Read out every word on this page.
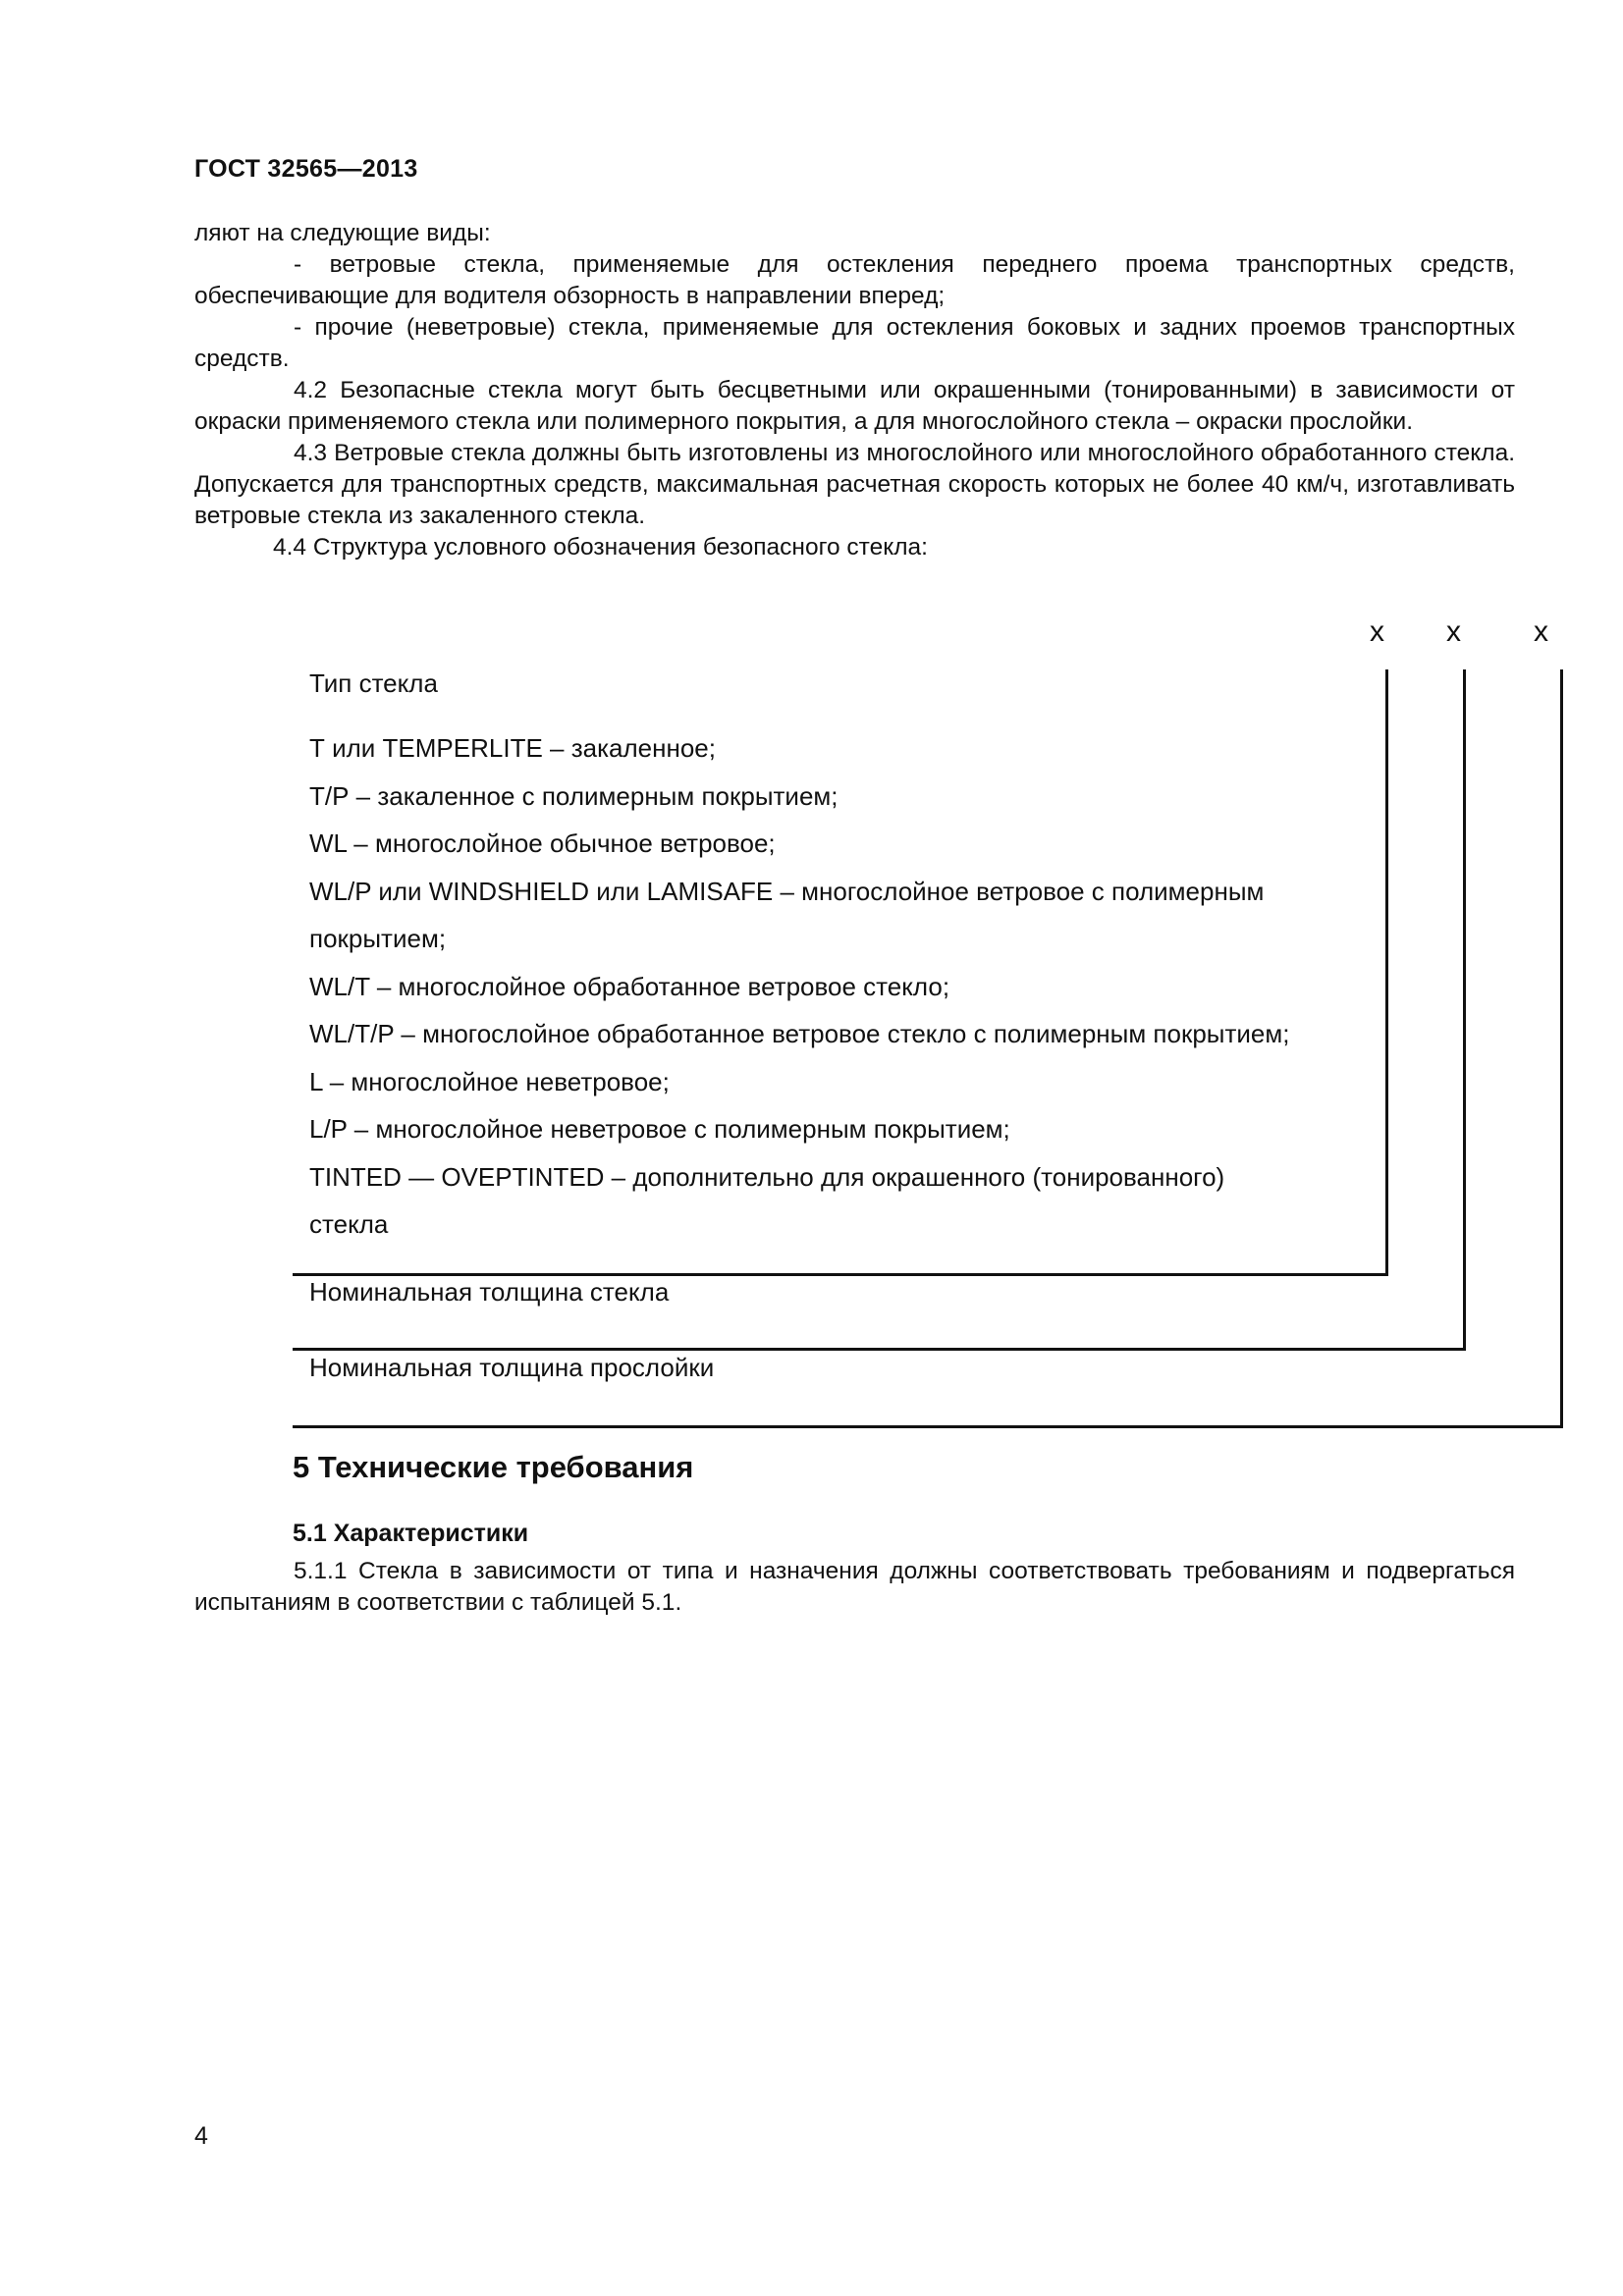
ГОСТ 32565—2013

ляют на следующие виды:

- ветровые стекла, применяемые для остекления переднего проема транспортных средств, обеспечивающие для водителя обзорность в направлении вперед;

- прочие (неветровые) стекла, применяемые для остекления боковых и задних проемов транспортных средств.

4.2 Безопасные стекла могут быть бесцветными или окрашенными (тонированными) в зависимости от окраски применяемого стекла или полимерного покрытия, а для многослойного стекла – окраски прослойки.

4.3 Ветровые стекла должны быть изготовлены из многослойного или многослойного обработанного стекла. Допускается для транспортных средств, максимальная расчетная скорость которых не более 40 км/ч, изготавливать ветровые стекла из закаленного стекла.

4.4 Структура условного обозначения безопасного стекла:

х х х
Тип стекла
Т или TEMPERLITE – закаленное;
Т/Р – закаленное с полимерным покрытием;
WL – многослойное обычное ветровое;
WL/P или WINDSHIELD или LAMISAFE – многослойное ветровое с полимерным
покрытием;
WL/T – многослойное обработанное ветровое стекло;
WL/T/P – многослойное обработанное ветровое стекло с полимерным покрытием;
L – многослойное неветровое;
L/P – многослойное неветровое с полимерным покрытием;
TINTED — OVEPTINTED – дополнительно для окрашенного (тонированного)
стекла
Номинальная толщина стекла
Номинальная толщина прослойки
5 Технические требования
5.1 Характеристики

5.1.1 Стекла в зависимости от типа и назначения должны соответствовать требованиям и подвергаться испытаниям в соответствии с таблицей 5.1.

4
